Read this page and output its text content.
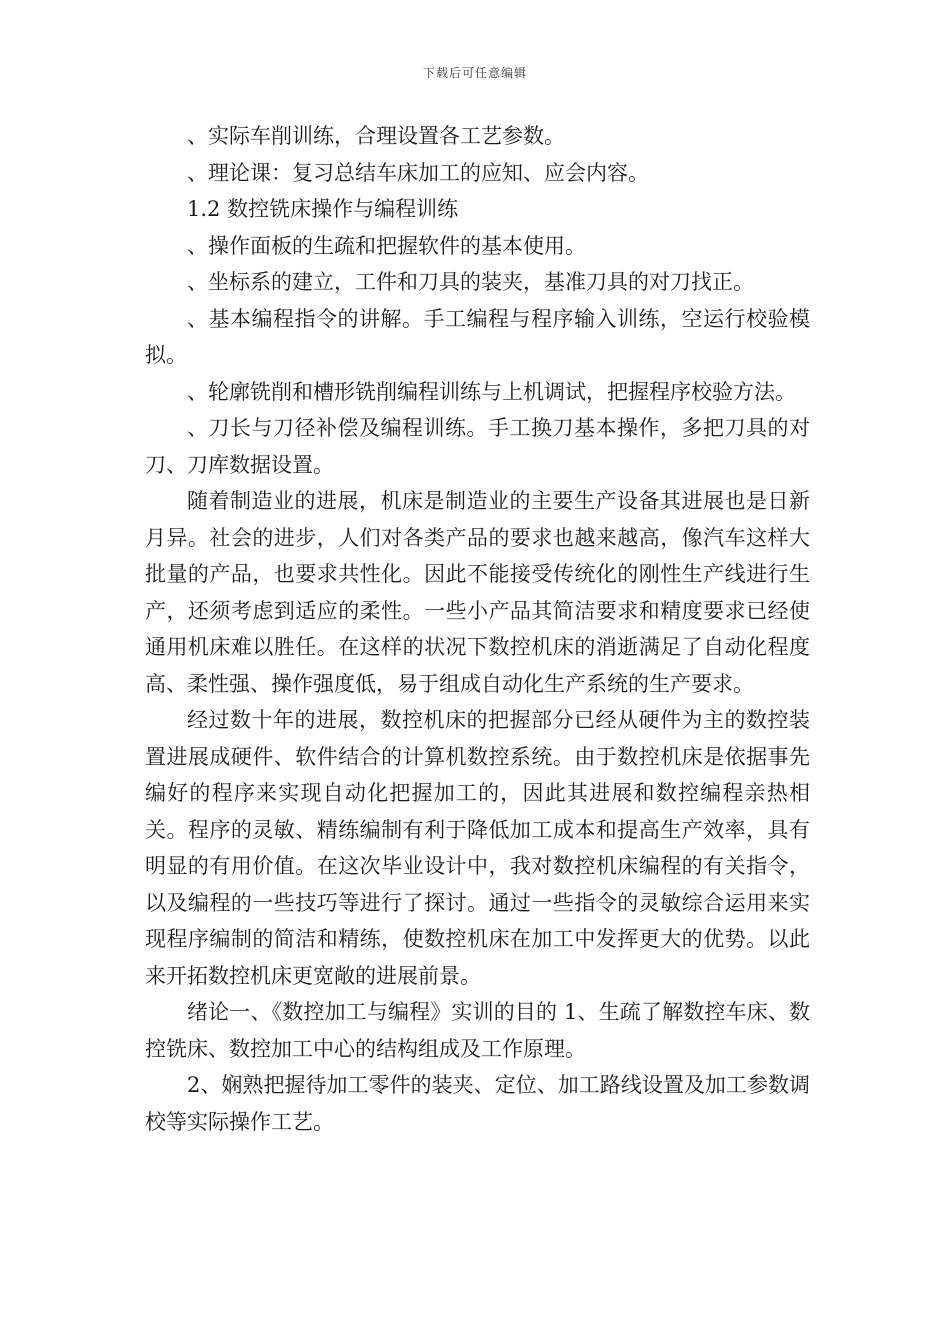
下载后可任意编辑

、实际车削训练，合理设置各工艺参数。

、理论课：复习总结车床加工的应知、应会内容。

1.2 数控铣床操作与编程训练

、操作面板的生疏和把握软件的基本使用。

、坐标系的建立，工件和刀具的装夹，基准刀具的对刀找正。

、基本编程指令的讲解。手工编程与程序输入训练，空运行校验模拟。

、轮廓铣削和槽形铣削编程训练与上机调试，把握程序校验方法。

、刀长与刀径补偿及编程训练。手工换刀基本操作，多把刀具的对刀、刀库数据设置。

随着制造业的进展，机床是制造业的主要生产设备其进展也是日新月异。社会的进步，人们对各类产品的要求也越来越高，像汽车这样大批量的产品，也要求共性化。因此不能接受传统化的刚性生产线进行生产，还须考虑到适应的柔性。一些小产品其简洁要求和精度要求已经使通用机床难以胜任。在这样的状况下数控机床的消逝满足了自动化程度高、柔性强、操作强度低，易于组成自动化生产系统的生产要求。

经过数十年的进展，数控机床的把握部分已经从硬件为主的数控装置进展成硬件、软件结合的计算机数控系统。由于数控机床是依据事先编好的程序来实现自动化把握加工的，因此其进展和数控编程亲热相关。程序的灵敏、精练编制有利于降低加工成本和提高生产效率，具有明显的有用价值。在这次毕业设计中，我对数控机床编程的有关指令，以及编程的一些技巧等进行了探讨。通过一些指令的灵敏综合运用来实现程序编制的简洁和精练，使数控机床在加工中发挥更大的优势。以此来开拓数控机床更宽敞的进展前景。

绪论一、《数控加工与编程》实训的目的 1、生疏了解数控车床、数控铣床、数控加工中心的结构组成及工作原理。

2、娴熟把握待加工零件的装夹、定位、加工路线设置及加工参数调校等实际操作工艺。
